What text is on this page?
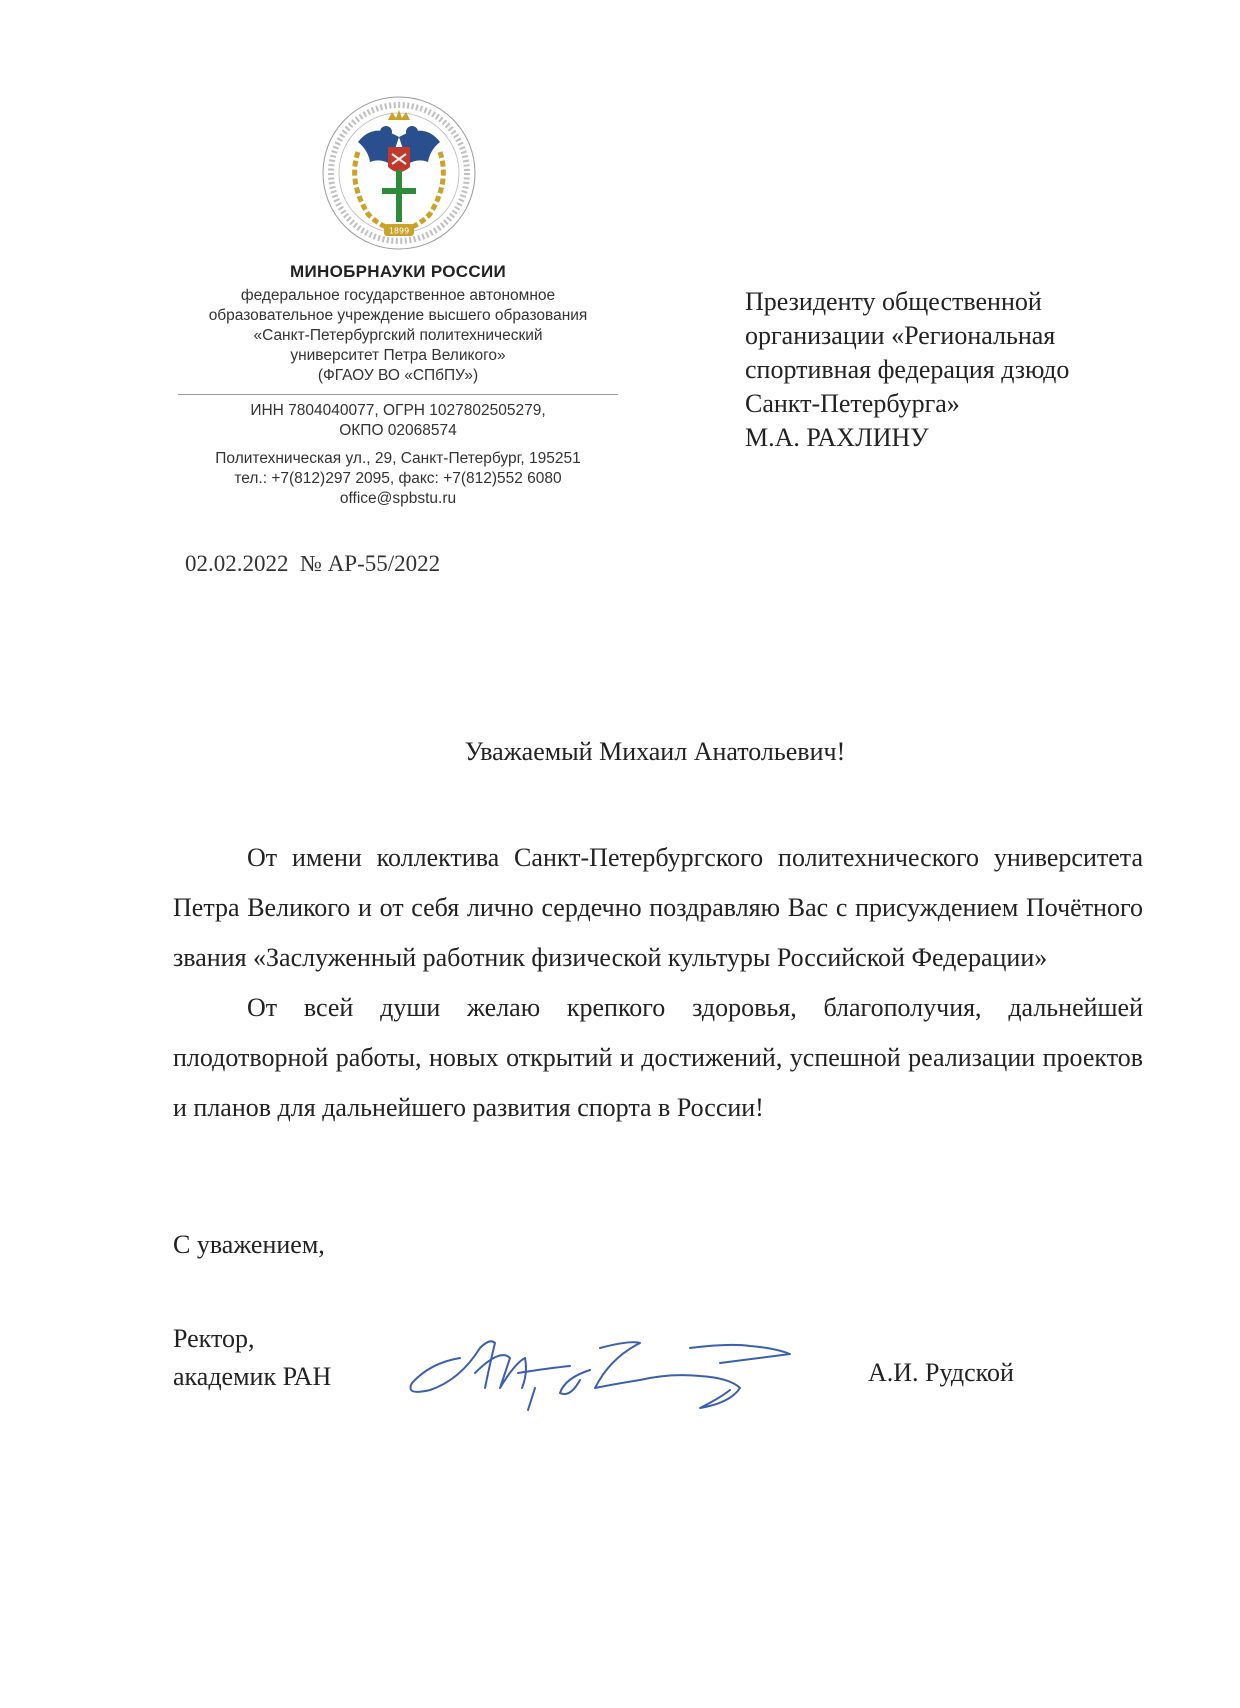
1899
МИНОБРНАУКИ РОССИИ
федеральное государственное автономное
образовательное учреждение высшего образования
«Санкт-Петербургский политехнический
университет Петра Великого»
(ФГАОУ ВО «СПбПУ»)
ИНН 7804040077, ОГРН 1027802505279,
ОКПО 02068574
Политехническая ул., 29, Санкт-Петербург, 195251
тел.: +7(812)297 2095, факс: +7(812)552 6080
office@spbstu.ru
Президенту общественной
организации «Региональная
спортивная федерация дзюдо
Санкт-Петербурга»
М.А. РАХЛИНУ
02.02.2022 № АР-55/2022
Уважаемый Михаил Анатольевич!

От имени коллектива Санкт-Петербургского политехнического университета Петра Великого и от себя лично сердечно поздравляю Вас с присуждением Почётного звания «Заслуженный работник физической культуры Российской Федерации»

От всей души желаю крепкого здоровья, благополучия, дальнейшей плодотворной работы, новых открытий и достижений, успешной реализации проектов и планов для дальнейшего развития спорта в России!

С уважением,
Ректор,
академик РАН	А.И. Рудской
